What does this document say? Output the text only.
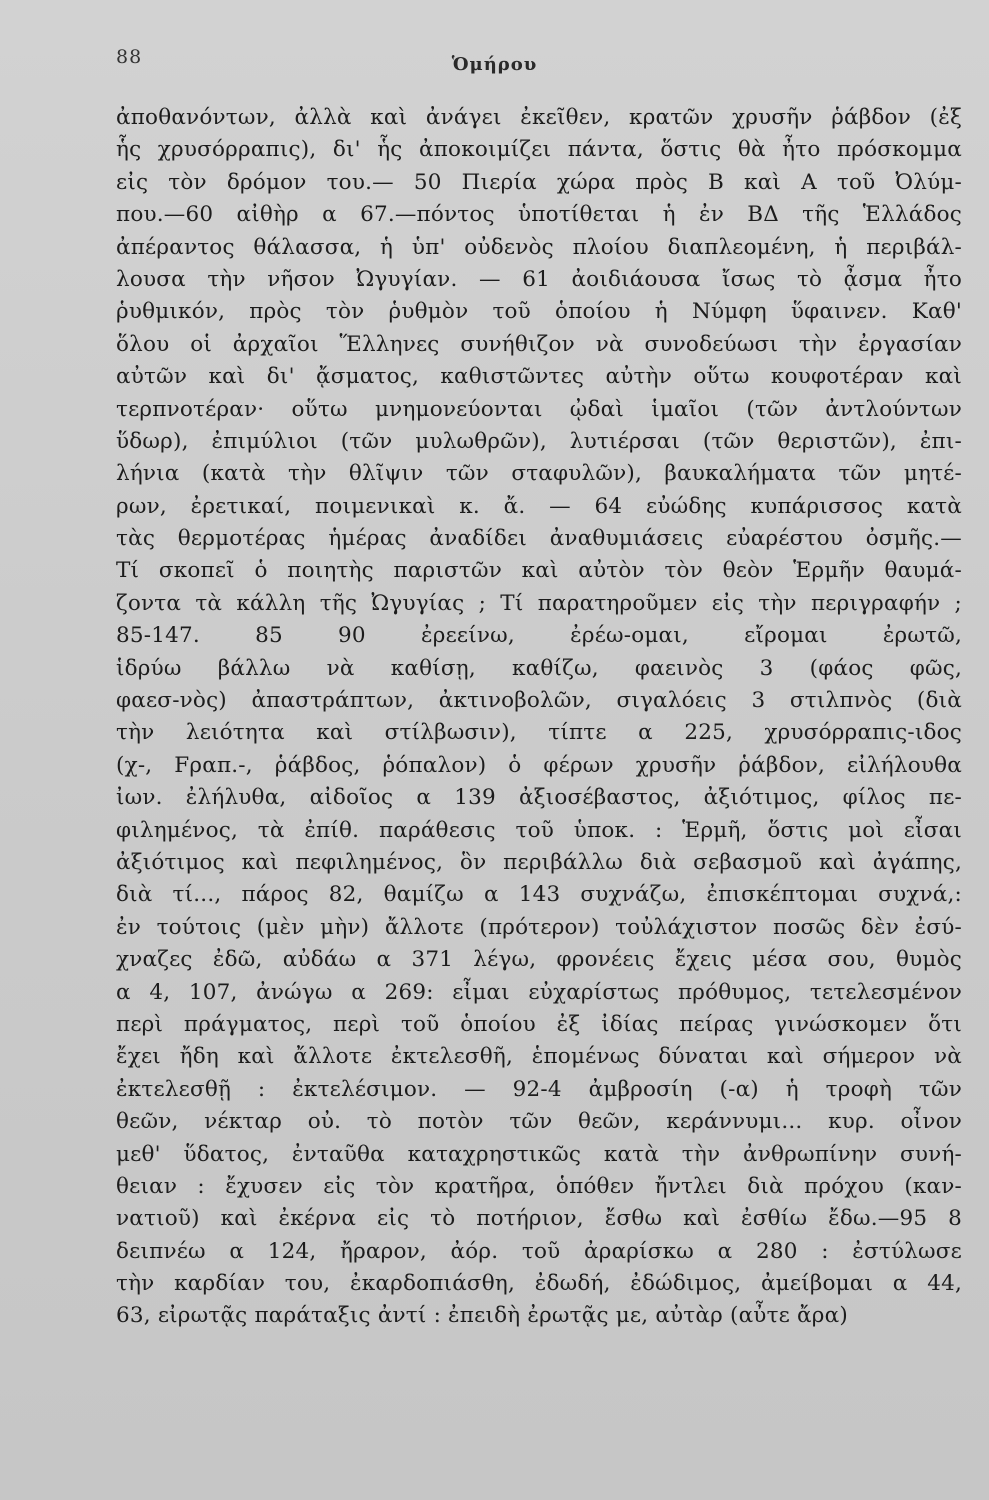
88	Ὁμήρου
ἀποθανόντων, ἀλλὰ καὶ ἀνάγει ἐκεῖθεν, κρατῶν χρυσῆν ῥάβδον (ἐξ
ἧς χρυσόρραπις), δι' ἧς ἀποκοιμίζει πάντα, ὅστις θὰ ἦτο πρόσκομμα
εἰς τὸν δρόμον του.— 50 Πιερία χώρα πρὸς Β καὶ Α τοῦ Ὀλύμ-
που.—60 αἰθὴρ α 67.—πόντος ὑποτίθεται ἡ ἐν ΒΔ τῆς Ἑλλάδος
ἀπέραντος θάλασσα, ἡ ὑπ' οὐδενὸς πλοίου διαπλεομένη, ἡ περιβάλ-
λουσα τὴν νῆσον Ὠγυγίαν. — 61 ἀοιδιάουσα ἴσως τὸ ᾆσμα ἦτο
ῥυθμικόν, πρὸς τὸν ῥυθμὸν τοῦ ὁποίου ἡ Νύμφη ὕφαινεν. Καθ'
ὅλου οἱ ἀρχαῖοι Ἕλληνες συνήθιζον νὰ συνοδεύωσι τὴν ἐργασίαν
αὐτῶν καὶ δι' ᾄσματος, καθιστῶντες αὐτὴν οὕτω κουφοτέραν καὶ
τερπνοτέραν· οὕτω μνημονεύονται ᾠδαὶ ἱμαῖοι (τῶν ἀντλούντων
ὕδωρ), ἐπιμύλιοι (τῶν μυλωθρῶν), λυτιέρσαι (τῶν θεριστῶν), ἐπι-
λήνια (κατὰ τὴν θλῖψιν τῶν σταφυλῶν), βαυκαλήματα τῶν μητέ-
ρων, ἐρετικαί, ποιμενικαὶ κ. ἄ. — 64 εὐώδης κυπάρισσος κατὰ
τὰς θερμοτέρας ἡμέρας ἀναδίδει ἀναθυμιάσεις εὐαρέστου ὀσμῆς.—
Τί σκοπεῖ ὁ ποιητὴς παριστῶν καὶ αὐτὸν τὸν θεὸν Ἑρμῆν θαυμά-
ζοντα τὰ κάλλη τῆς Ὠγυγίας ; Τί παρατηροῦμεν εἰς τὴν περιγραφήν ;
85-147. 85 90 ἐρεείνω, ἐρέω-ομαι, εἴρομαι ἐρωτῶ,
ἱδρύω βάλλω νὰ καθίσῃ, καθίζω, φαεινὸς 3 (φάος φῶς,
φαεσ-νὸς) ἀπαστράπτων, ἀκτινοβολῶν, σιγαλόεις 3 στιλπνὸς (διὰ
τὴν λειότητα καὶ στίλβωσιν), τίπτε α 225, χρυσόρραπις-ιδος
(χ-, Fραπ.-, ῥάβδος, ῥόπαλον) ὁ φέρων χρυσῆν ῥάβδον, εἰλήλουθα
ἰων. ἐλήλυθα, αἰδοῖος α 139 ἀξιοσέβαστος, ἀξιότιμος, φίλος πε-
φιλημένος, τὰ ἐπίθ. παράθεσις τοῦ ὑποκ. : Ἑρμῆ, ὅστις μοὶ εἶσαι
ἀξιότιμος καὶ πεφιλημένος, ὃν περιβάλλω διὰ σεβασμοῦ καὶ ἀγάπης,
διὰ τί..., πάρος 82, θαμίζω α 143 συχνάζω, ἐπισκέπτομαι συχνά,:
ἐν τούτοις (μὲν μὴν) ἄλλοτε (πρότερον) τοὐλάχιστον ποσῶς δὲν ἐσύ-
χναζες ἐδῶ, αὐδάω α 371 λέγω, φρονέεις ἔχεις μέσα σου, θυμὸς
α 4, 107, ἀνώγω α 269: εἶμαι εὐχαρίστως πρόθυμος, τετελεσμένον
περὶ πράγματος, περὶ τοῦ ὁποίου ἐξ ἰδίας πείρας γινώσκομεν ὅτι
ἔχει ἤδη καὶ ἄλλοτε ἐκτελεσθῆ, ἑπομένως δύναται καὶ σήμερον νὰ
ἐκτελεσθῇ : ἐκτελέσιμον. — 92-4 ἀμβροσίη (-α) ἡ τροφὴ τῶν
θεῶν, νέκταρ οὐ. τὸ ποτὸν τῶν θεῶν, κεράννυμι... κυρ. οἶνον
μεθ' ὕδατος, ἐνταῦθα καταχρηστικῶς κατὰ τὴν ἀνθρωπίνην συνή-
θειαν : ἔχυσεν εἰς τὸν κρατῆρα, ὁπόθεν ἤντλει διὰ πρόχου (καν-
νατιοῦ) καὶ ἐκέρνα εἰς τὸ ποτήριον, ἔσθω καὶ ἐσθίω ἔδω.—95 8
δειπνέω α 124, ἤραρον, ἀόρ. τοῦ ἀραρίσκω α 280 : ἐστύλωσε
τὴν καρδίαν του, ἐκαρδοπιάσθη, ἐδωδή, ἐδώδιμος, ἀμείβομαι α 44,
63, εἰρωτᾷς παράταξις ἀντί : ἐπειδὴ ἐρωτᾷς με, αὐτὰρ (αὖτε ἄρα)
